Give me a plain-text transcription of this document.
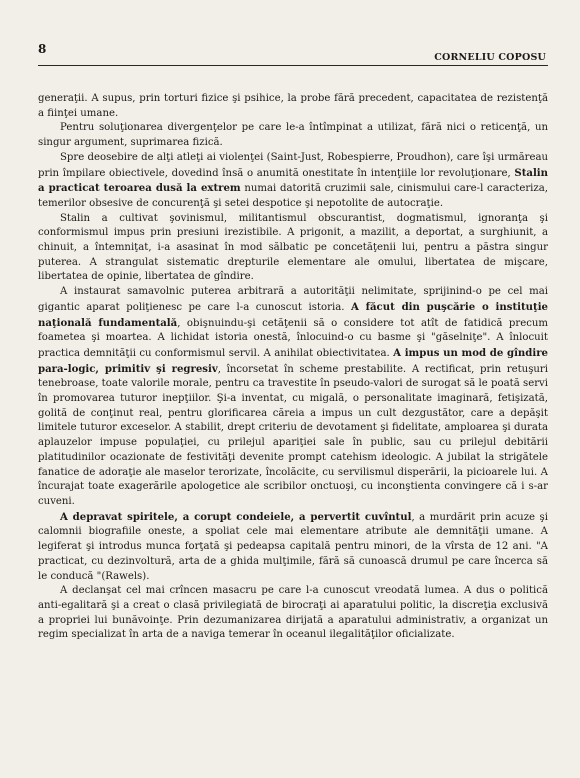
8
CORNELIU COPOSU

generaţii. A supus, prin torturi fizice şi psihice, la probe fără precedent, capacitatea de rezistenţă a fiinţei umane.

Pentru soluţionarea divergenţelor pe care le-a întîmpinat a utilizat, fără nici o reticenţă, un singur argument, suprimarea fizică.

Spre deosebire de alţi atleţi ai violenţei (Saint-Just, Robespierre, Proudhon), care îşi urmăreau prin împilare obiectivele, dovedind însă o anumită onestitate în intenţiile lor revoluţionare, Stalin a practicat teroarea dusă la extrem numai datorită cruzimii sale, cinismului care-l caracteriza, temerilor obsesive de concurenţă şi setei despotice şi nepotolite de autocraţie.

Stalin a cultivat şovinismul, militantismul obscurantist, dogmatismul, ignoranţa şi conformismul impus prin presiuni irezistibile. A prigonit, a mazilit, a deportat, a surghiunit, a chinuit, a întemniţat, i-a asasinat în mod sălbatic pe concetăţenii lui, pentru a păstra singur puterea. A strangulat sistematic drepturile elementare ale omului, libertatea de mişcare, libertatea de opinie, libertatea de gîndire.

A instaurat samavolnic puterea arbitrară a autorităţii nelimitate, sprijinind-o pe cel mai gigantic aparat poliţienesc pe care l-a cunoscut istoria. A făcut din puşcărie o instituţie naţională fundamentală, obişnuindu-şi cetăţenii să o considere tot atît de fatidică precum foametea şi moartea. A lichidat istoria onestă, înlocuind-o cu basme şi "găselniţe". A înlocuit practica demnităţii cu conformismul servil. A anihilat obiectivitatea. A impus un mod de gîndire para-logic, primitiv şi regresiv, încorsetat în scheme prestabilite. A rectificat, prin retuşuri tenebroase, toate valorile morale, pentru ca travestite în pseudo-valori de surogat să le poată servi în promovarea tuturor inepţiilor. Şi-a inventat, cu migală, o personalitate imaginară, fetişizată, golită de conţinut real, pentru glorificarea căreia a impus un cult dezgustător, care a depăşit limitele tuturor exceselor. A stabilit, drept criteriu de devotament şi fidelitate, amploarea şi durata aplauzelor impuse populaţiei, cu prilejul apariţiei sale în public, sau cu prilejul debitării platitudinilor ocazionate de festivităţi devenite prompt catehism ideologic. A jubilat la strigătele fanatice de adoraţie ale maselor terorizate, încolăcite, cu servilismul disperării, la picioarele lui. A încurajat toate exagerările apologetice ale scribilor onctuoşi, cu inconştienta convingere că i s-ar cuveni.

A depravat spiritele, a corupt condeiele, a pervertit cuvîntul, a murdărit prin acuze şi calomnii biografiile oneste, a spoliat cele mai elementare atribute ale demnităţii umane. A legiferat şi introdus munca forţată şi pedeapsa capitală pentru minori, de la vîrsta de 12 ani. "A practicat, cu dezinvoltură, arta de a ghida mulţimile, fără să cunoască drumul pe care încerca să le conducă "(Rawels).

A declanşat cel mai crîncen masacru pe care l-a cunoscut vreodată lumea. A dus o politică anti-egalitară şi a creat o clasă privilegiată de birocraţi ai aparatului politic, la discreţia exclusivă a propriei lui bunăvoinţe. Prin dezumanizarea dirijată a aparatului administrativ, a organizat un regim specializat în arta de a naviga temerar în oceanul ilegalităţilor oficializate.
